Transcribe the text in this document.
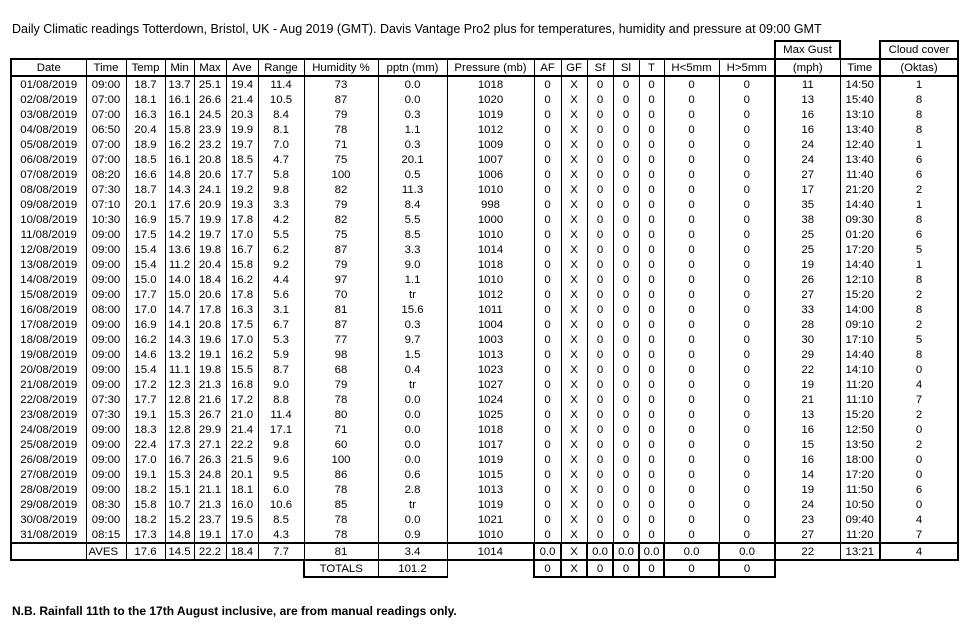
Daily Climatic readings Totterdown, Bristol, UK - Aug 2019 (GMT). Davis Vantage Pro2 plus for temperatures, humidity and pressure at 09:00 GMT
																	Max Gust		Cloud cover
Date	Time	Temp	Min	Max	Ave	Range	Humidity %	pptn (mm)	Pressure (mb)	AF	GF	Sf	Sl	T	H<5mm	H>5mm	(mph)	Time	(Oktas)
01/08/2019	09:00	18.7	13.7	25.1	19.4	11.4	73	0.0	1018	0	X	0	0	0	0	0	11	14:50	1
02/08/2019	07:00	18.1	16.1	26.6	21.4	10.5	87	0.0	1020	0	X	0	0	0	0	0	13	15:40	8
03/08/2019	07:00	16.3	16.1	24.5	20.3	8.4	79	0.3	1019	0	X	0	0	0	0	0	16	13:10	8
04/08/2019	06:50	20.4	15.8	23.9	19.9	8.1	78	1.1	1012	0	X	0	0	0	0	0	16	13:40	8
05/08/2019	07:00	18.9	16.2	23.2	19.7	7.0	71	0.3	1009	0	X	0	0	0	0	0	24	12:40	1
06/08/2019	07:00	18.5	16.1	20.8	18.5	4.7	75	20.1	1007	0	X	0	0	0	0	0	24	13:40	6
07/08/2019	08:20	16.6	14.8	20.6	17.7	5.8	100	0.5	1006	0	X	0	0	0	0	0	27	11:40	6
08/08/2019	07:30	18.7	14.3	24.1	19.2	9.8	82	11.3	1010	0	X	0	0	0	0	0	17	21:20	2
09/08/2019	07:10	20.1	17.6	20.9	19.3	3.3	79	8.4	998	0	X	0	0	0	0	0	35	14:40	1
10/08/2019	10:30	16.9	15.7	19.9	17.8	4.2	82	5.5	1000	0	X	0	0	0	0	0	38	09:30	8
11/08/2019	09:00	17.5	14.2	19.7	17.0	5.5	75	8.5	1010	0	X	0	0	0	0	0	25	01:20	6
12/08/2019	09:00	15.4	13.6	19.8	16.7	6.2	87	3.3	1014	0	X	0	0	0	0	0	25	17:20	5
13/08/2019	09:00	15.4	11.2	20.4	15.8	9.2	79	9.0	1018	0	X	0	0	0	0	0	19	14:40	1
14/08/2019	09:00	15.0	14.0	18.4	16.2	4.4	97	1.1	1010	0	X	0	0	0	0	0	26	12:10	8
15/08/2019	09:00	17.7	15.0	20.6	17.8	5.6	70	tr	1012	0	X	0	0	0	0	0	27	15:20	2
16/08/2019	08:00	17.0	14.7	17.8	16.3	3.1	81	15.6	1011	0	X	0	0	0	0	0	33	14:00	8
17/08/2019	09:00	16.9	14.1	20.8	17.5	6.7	87	0.3	1004	0	X	0	0	0	0	0	28	09:10	2
18/08/2019	09:00	16.2	14.3	19.6	17.0	5.3	77	9.7	1003	0	X	0	0	0	0	0	30	17:10	5
19/08/2019	09:00	14.6	13.2	19.1	16.2	5.9	98	1.5	1013	0	X	0	0	0	0	0	29	14:40	8
20/08/2019	09:00	15.4	11.1	19.8	15.5	8.7	68	0.4	1023	0	X	0	0	0	0	0	22	14:10	0
21/08/2019	09:00	17.2	12.3	21.3	16.8	9.0	79	tr	1027	0	X	0	0	0	0	0	19	11:20	4
22/08/2019	07:30	17.7	12.8	21.6	17.2	8.8	78	0.0	1024	0	X	0	0	0	0	0	21	11:10	7
23/08/2019	07:30	19.1	15.3	26.7	21.0	11.4	80	0.0	1025	0	X	0	0	0	0	0	13	15:20	2
24/08/2019	09:00	18.3	12.8	29.9	21.4	17.1	71	0.0	1018	0	X	0	0	0	0	0	16	12:50	0
25/08/2019	09:00	22.4	17.3	27.1	22.2	9.8	60	0.0	1017	0	X	0	0	0	0	0	15	13:50	2
26/08/2019	09:00	17.0	16.7	26.3	21.5	9.6	100	0.0	1019	0	X	0	0	0	0	0	16	18:00	0
27/08/2019	09:00	19.1	15.3	24.8	20.1	9.5	86	0.6	1015	0	X	0	0	0	0	0	14	17:20	0
28/08/2019	09:00	18.2	15.1	21.1	18.1	6.0	78	2.8	1013	0	X	0	0	0	0	0	19	11:50	6
29/08/2019	08:30	15.8	10.7	21.3	16.0	10.6	85	tr	1019	0	X	0	0	0	0	0	24	10:50	0
30/08/2019	09:00	18.2	15.2	23.7	19.5	8.5	78	0.0	1021	0	X	0	0	0	0	0	23	09:40	4
31/08/2019	08:15	17.3	14.8	19.1	17.0	4.3	78	0.9	1010	0	X	0	0	0	0	0	27	11:20	7
	AVES	17.6	14.5	22.2	18.4	7.7	81	3.4	1014	0.0	X	0.0	0.0	0.0	0.0	0.0	22	13:21	4
							TOTALS	101.2		0	X	0	0	0	0	0			
N.B. Rainfall 11th to the 17th August inclusive, are from manual readings only.
